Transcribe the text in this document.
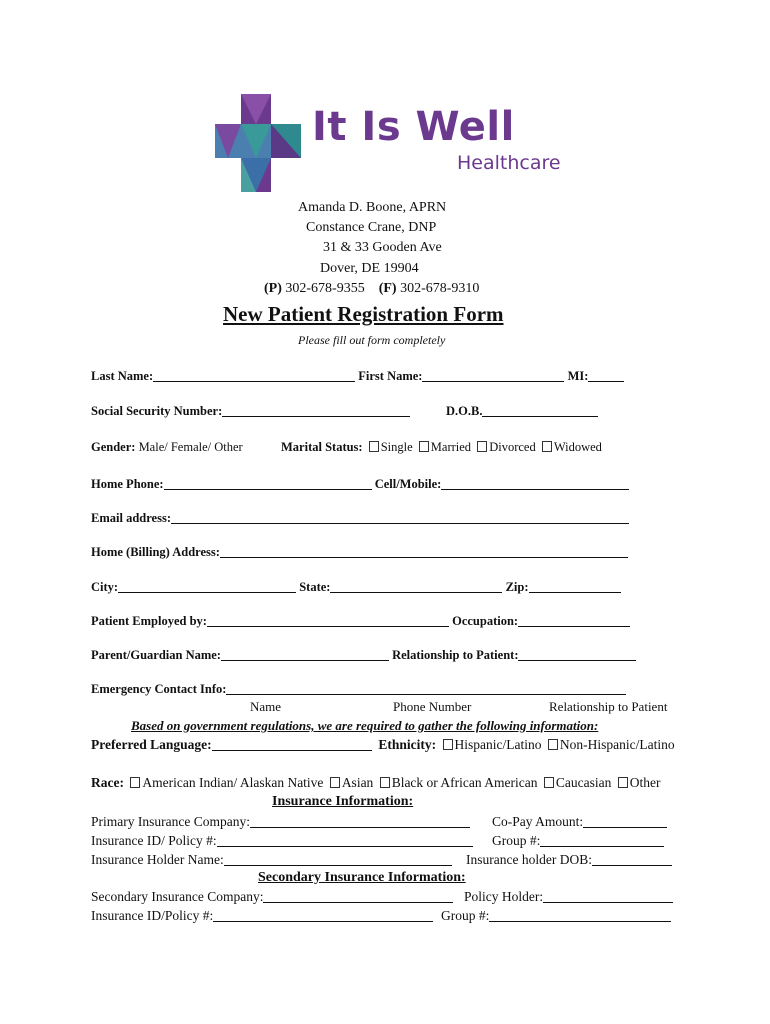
It Is Well
Healthcare
Amanda D. Boone, APRN
Constance Crane, DNP
31 & 33 Gooden Ave
Dover, DE 19904
(P) 302-678-9355 (F) 302-678-9310
New Patient Registration Form
Please fill out form completely
Last Name:	First Name:	MI:
Social Security Number:	D.O.B.
Gender: Male/ Female/ Other	Marital Status: Single Married Divorced Widowed
Home Phone:	Cell/Mobile:
Email address:
Home (Billing) Address:
City:	State:	Zip:
Patient Employed by:	Occupation:
Parent/Guardian Name:	Relationship to Patient:
Emergency Contact Info:
Name	Phone Number	Relationship to Patient
Based on government regulations, we are required to gather the following information:
Preferred Language:	Ethnicity: Hispanic/Latino Non-Hispanic/Latino
Race: American Indian/ Alaskan Native Asian Black or African American Caucasian Other
Insurance Information:
Primary Insurance Company:	Co-Pay Amount:
Insurance ID/ Policy #:	Group #:
Insurance Holder Name:	Insurance holder DOB:
Secondary Insurance Information:
Secondary Insurance Company:	Policy Holder:
Insurance ID/Policy #:	Group #:
